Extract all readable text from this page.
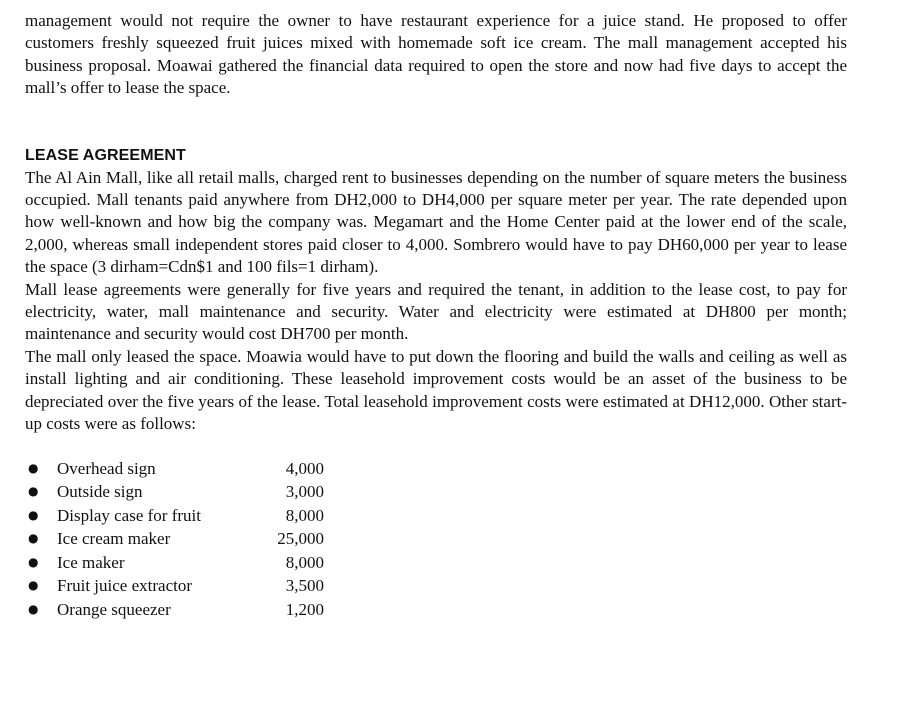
management would not require the owner to have restaurant experience for a juice stand. He proposed to offer customers freshly squeezed fruit juices mixed with homemade soft ice cream. The mall management accepted his business proposal. Moawai gathered the financial data required to open the store and now had five days to accept the mall’s offer to lease the space.

LEASE AGREEMENT

The Al Ain Mall, like all retail malls, charged rent to businesses depending on the number of square meters the business occupied. Mall tenants paid anywhere from DH2,000 to DH4,000 per square meter per year. The rate depended upon how well-known and how big the company was. Megamart and the Home Center paid at the lower end of the scale, 2,000, whereas small independent stores paid closer to 4,000. Sombrero would have to pay DH60,000 per year to lease the space (3 dirham=Cdn$1 and 100 fils=1 dirham).

Mall lease agreements were generally for five years and required the tenant, in addition to the lease cost, to pay for electricity, water, mall maintenance and security. Water and electricity were estimated at DH800 per month; maintenance and security would cost DH700 per month.

The mall only leased the space. Moawia would have to put down the flooring and build the walls and ceiling as well as install lighting and air conditioning. These leasehold improvement costs would be an asset of the business to be depreciated over the five years of the lease. Total leasehold improvement costs were estimated at DH12,000. Other start-up costs were as follows:

● Overhead sign	4,000
● Outside sign	3,000
● Display case for fruit	8,000
● Ice cream maker	25,000
● Ice maker	8,000
● Fruit juice extractor	3,500
● Orange squeezer	1,200
